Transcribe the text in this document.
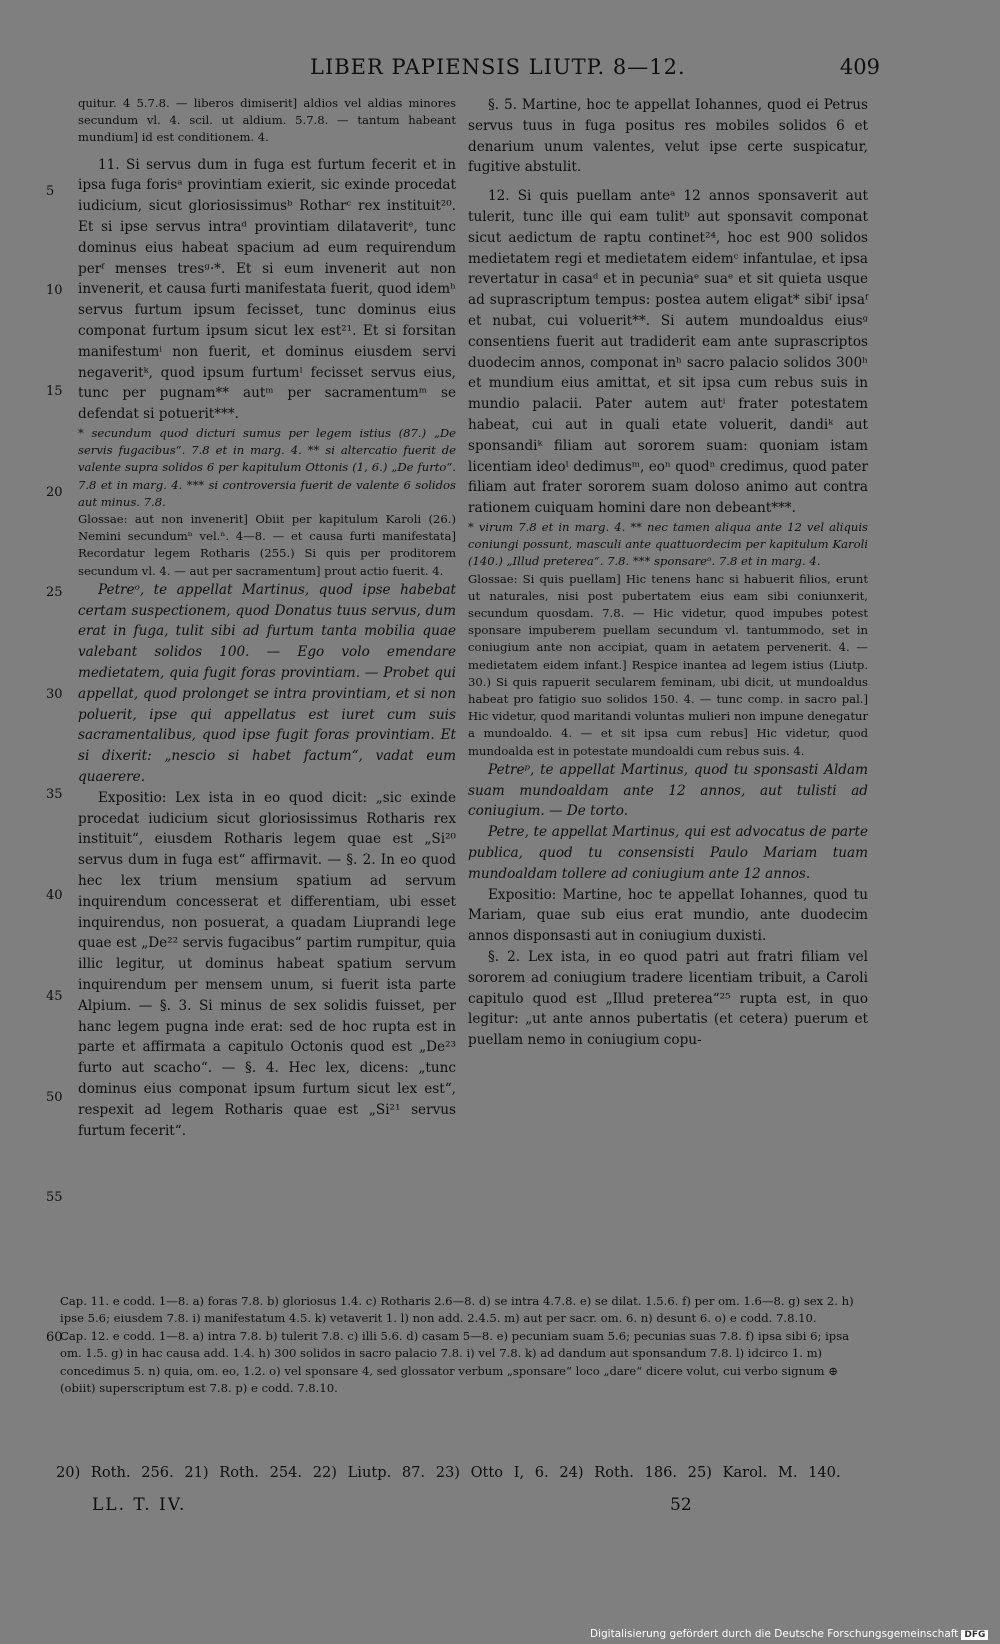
LIBER PAPIENSIS LIUTP. 8—12.	409
5
10
15
20
25
30
35
40
45
50
55
60

quitur. 4 5.7.8. — liberos dimiserit] aldios vel aldias minores secundum vl. 4. scil. ut aldium. 5.7.8. — tantum habeant mundium] id est conditionem. 4.

11. Si servus dum in fuga est furtum fecerit et in ipsa fuga forisᵃ provintiam exierit, sic exinde procedat iudicium, sicut gloriosissimusᵇ Rotharᶜ rex instituit²⁰. Et si ipse servus intraᵈ provintiam dilataveritᵉ, tunc dominus eius habeat spacium ad eum requirendum perᶠ menses tresᵍ·*. Et si eum invenerit aut non invenerit, et causa furti manifestata fuerit, quod idemʰ servus furtum ipsum fecisset, tunc dominus eius componat furtum ipsum sicut lex est²¹. Et si forsitan manifestumⁱ non fuerit, et dominus eiusdem servi negaveritᵏ, quod ipsum furtumˡ fecisset servus eius, tunc per pugnam** autᵐ per sacramentumᵐ se defendat si potuerit***.

* secundum quod dicturi sumus per legem istius (87.) „De servis fugacibus“. 7.8 et in marg. 4. ** si altercatio fuerit de valente supra solidos 6 per kapitulum Ottonis (1, 6.) „De furto“. 7.8 et in marg. 4. *** si controversia fuerit de valente 6 solidos aut minus. 7.8.

Glossae: aut non invenerit] Obiit per kapitulum Karoli (26.) Nemini secundumⁿ vel.ⁿ. 4—8. — et causa furti manifestata] Recordatur legem Rotharis (255.) Si quis per proditorem secundum vl. 4. — aut per sacramentum] prout actio fuerit. 4.

Petreᵒ, te appellat Martinus, quod ipse habebat certam suspectionem, quod Donatus tuus servus, dum erat in fuga, tulit sibi ad furtum tanta mobilia quae valebant solidos 100. — Ego volo emendare medietatem, quia fugit foras provintiam. — Probet qui appellat, quod prolonget se intra provintiam, et si non poluerit, ipse qui appellatus est iuret cum suis sacramentalibus, quod ipse fugit foras provintiam. Et si dixerit: „nescio si habet factum“, vadat eum quaerere.

Expositio: Lex ista in eo quod dicit: „sic exinde procedat iudicium sicut gloriosissimus Rotharis rex instituit“, eiusdem Rotharis legem quae est „Si²⁰ servus dum in fuga est“ affirmavit. — §. 2. In eo quod hec lex trium mensium spatium ad servum inquirendum concesserat et differentiam, ubi esset inquirendus, non posuerat, a quadam Liuprandi lege quae est „De²² servis fugacibus“ partim rumpitur, quia illic legitur, ut dominus habeat spatium servum inquirendum per mensem unum, si fuerit ista parte Alpium. — §. 3. Si minus de sex solidis fuisset, per hanc legem pugna inde erat: sed de hoc rupta est in parte et affirmata a capitulo Octonis quod est „De²³ furto aut scacho“. — §. 4. Hec lex, dicens: „tunc dominus eius componat ipsum furtum sicut lex est“, respexit ad legem Rotharis quae est „Si²¹ servus furtum fecerit“.

§. 5. Martine, hoc te appellat Iohannes, quod ei Petrus servus tuus in fuga positus res mobiles solidos 6 et denarium unum valentes, velut ipse certe suspicatur, fugitive abstulit.

12. Si quis puellam anteᵃ 12 annos sponsaverit aut tulerit, tunc ille qui eam tulitᵇ aut sponsavit componat sicut aedictum de raptu continet²⁴, hoc est 900 solidos medietatem regi et medietatem eidemᶜ infantulae, et ipsa revertatur in casaᵈ et in pecuniaᵉ suaᵉ et sit quieta usque ad suprascriptum tempus: postea autem eligat* sibiᶠ ipsaᶠ et nubat, cui voluerit**. Si autem mundoaldus eiusᵍ consentiens fuerit aut tradiderit eam ante suprascriptos duodecim annos, componat inʰ sacro palacio solidos 300ʰ et mundium eius amittat, et sit ipsa cum rebus suis in mundio palacii. Pater autem autⁱ frater potestatem habeat, cui aut in quali etate voluerit, dandiᵏ aut sponsandiᵏ filiam aut sororem suam: quoniam istam licentiam ideoˡ dedimusᵐ, eoⁿ quodⁿ credimus, quod pater filiam aut frater sororem suam doloso animo aut contra rationem cuiquam homini dare non debeant***.

* virum 7.8 et in marg. 4. ** nec tamen aliqua ante 12 vel aliquis coniungi possunt, masculi ante quattuordecim per kapitulum Karoli (140.) „Illud preterea“. 7.8. *** sponsareᵒ. 7.8 et in marg. 4.

Glossae: Si quis puellam] Hic tenens hanc si habuerit filios, erunt ut naturales, nisi post pubertatem eius eam sibi coniunxerit, secundum quosdam. 7.8. — Hic videtur, quod impubes potest sponsare impuberem puellam secundum vl. tantummodo, set in coniugium ante non accipiat, quam in aetatem pervenerit. 4. — medietatem eidem infant.] Respice inantea ad legem istius (Liutp. 30.) Si quis rapuerit secularem feminam, ubi dicit, ut mundoaldus habeat pro fatigio suo solidos 150. 4. — tunc comp. in sacro pal.] Hic videtur, quod maritandi voluntas mulieri non impune denegatur a mundoaldo. 4. — et sit ipsa cum rebus] Hic videtur, quod mundoalda est in potestate mundoaldi cum rebus suis. 4.

Petreᵖ, te appellat Martinus, quod tu sponsasti Aldam suam mundoaldam ante 12 annos, aut tulisti ad coniugium. — De torto.

Petre, te appellat Martinus, qui est advocatus de parte publica, quod tu consensisti Paulo Mariam tuam mundoaldam tollere ad coniugium ante 12 annos.

Expositio: Martine, hoc te appellat Iohannes, quod tu Mariam, quae sub eius erat mundio, ante duodecim annos disponsasti aut in coniugium duxisti.

§. 2. Lex ista, in eo quod patri aut fratri filiam vel sororem ad coniugium tradere licentiam tribuit, a Caroli capitulo quod est „Illud preterea“²⁵ rupta est, in quo legitur: „ut ante annos pubertatis (et cetera) puerum et puellam nemo in coniugium copu-

Cap. 11. e codd. 1—8. a) foras 7.8. b) gloriosus 1.4. c) Rotharis 2.6—8. d) se intra 4.7.8. e) se dilat. 1.5.6. f) per om. 1.6—8. g) sex 2. h) ipse 5.6; eiusdem 7.8. i) manifestatum 4.5. k) vetaverit 1. l) non add. 2.4.5. m) aut per sacr. om. 6. n) desunt 6. o) e codd. 7.8.10.

Cap. 12. e codd. 1—8. a) intra 7.8. b) tulerit 7.8. c) illi 5.6. d) casam 5—8. e) pecuniam suam 5.6; pecunias suas 7.8. f) ipsa sibi 6; ipsa om. 1.5. g) in hac causa add. 1.4. h) 300 solidos in sacro palacio 7.8. i) vel 7.8. k) ad dandum aut sponsandum 7.8. l) idcirco 1. m) concedimus 5. n) quia, om. eo, 1.2. o) vel sponsare 4, sed glossator verbum „sponsare“ loco „dare“ dicere volut, cui verbo signum ⊕ (obiit) superscriptum est 7.8. p) e codd. 7.8.10.

20) Roth. 256. 21) Roth. 254. 22) Liutp. 87. 23) Otto I, 6. 24) Roth. 186. 25) Karol. M. 140.
LL. T. IV.	52
Digitalisierung gefördert durch die Deutsche Forschungsgemeinschaft DFG
